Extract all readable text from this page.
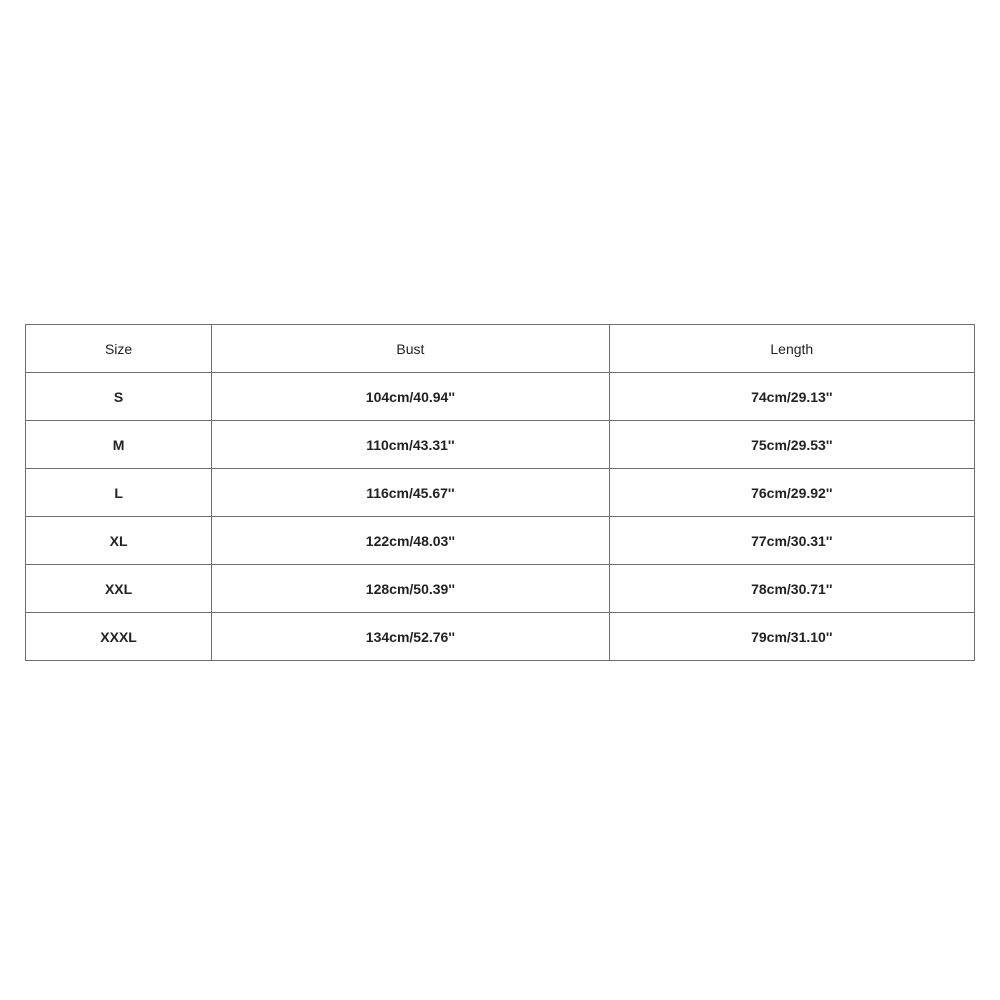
Size	Bust	Length
S	104cm/40.94''	74cm/29.13''
M	110cm/43.31''	75cm/29.53''
L	116cm/45.67''	76cm/29.92''
XL	122cm/48.03''	77cm/30.31''
XXL	128cm/50.39''	78cm/30.71''
XXXL	134cm/52.76''	79cm/31.10''
